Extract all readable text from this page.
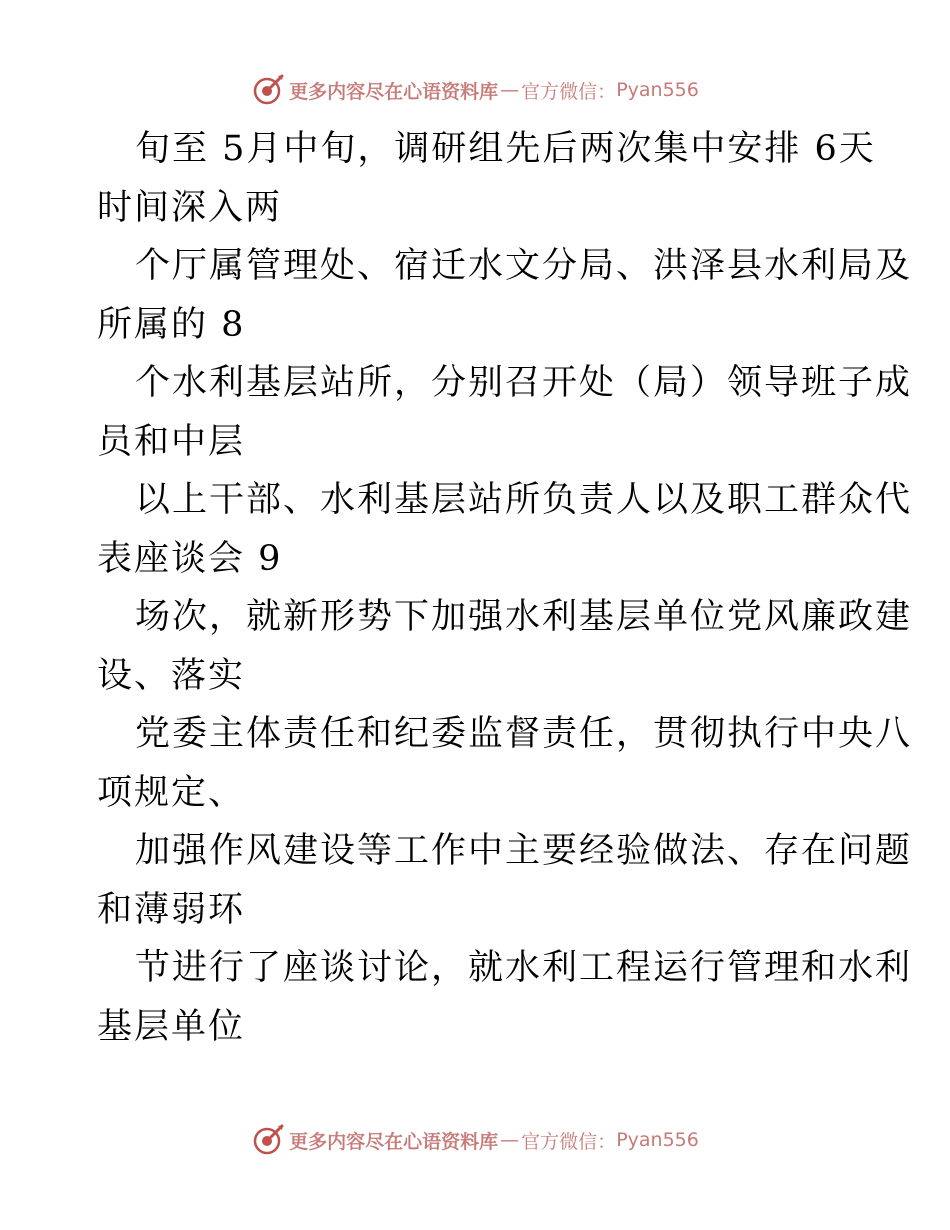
更多内容尽在心语资料库 — 官方微信： Pyan556
旬至 5月中旬，调研组先后两次集中安排 6天
时间深入两
个厅属管理处、宿迁水文分局、洪泽县水利局及
所属的 8
个水利基层站所，分别召开处（局）领导班子成
员和中层
以上干部、水利基层站所负责人以及职工群众代
表座谈会 9
场次，就新形势下加强水利基层单位党风廉政建
设、落实
党委主体责任和纪委监督责任，贯彻执行中央八
项规定、
加强作风建设等工作中主要经验做法、存在问题
和薄弱环
节进行了座谈讨论，就水利工程运行管理和水利
基层单位
更多内容尽在心语资料库 — 官方微信： Pyan556
